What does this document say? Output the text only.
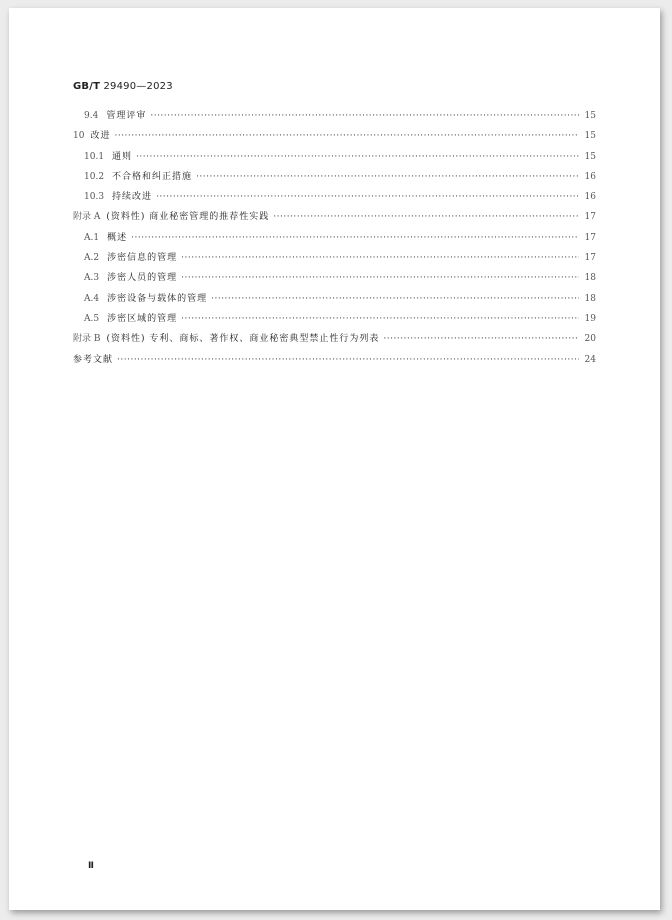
GB/T 29490—2023
9.4 管理评审 ·····	15
10 改进 ·····	15
10.1 通则 ·····	15
10.2 不合格和纠正措施 ·····	16
10.3 持续改进 ·····	16
附录 A (资料性) 商业秘密管理的推荐性实践 ·····	17
A.1 概述 ·····	17
A.2 涉密信息的管理 ·····	17
A.3 涉密人员的管理 ·····	18
A.4 涉密设备与载体的管理 ·····	18
A.5 涉密区域的管理 ·····	19
附录 B (资料性) 专利、商标、著作权、商业秘密典型禁止性行为列表 ·····	20
参考文献 ·····	24
Ⅱ
